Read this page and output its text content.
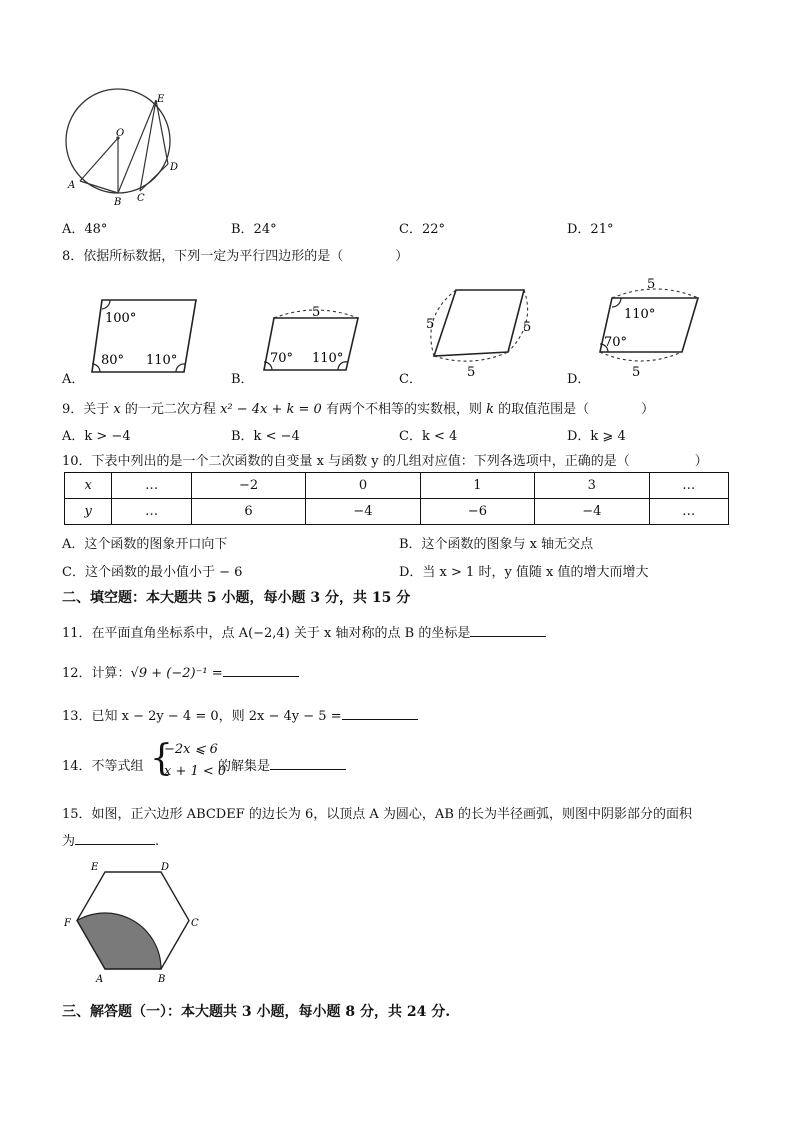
O
E
D
C
B
A
A．48°	B．24°	C．22°	D．21°
8．依据所标数据，下列一定为平行四边形的是（　　　　）
100°
80° 110°
5
70° 110°
5	5
5
5
110°
70°
5
A．	B．	C．	D．
9．关于 x 的一元二次方程 x² − 4x + k = 0 有两个不相等的实数根，则 k 的取值范围是（　　　　）
A．k > −4	B．k < −4	C．k < 4	D．k ⩾ 4
10．下表中列出的是一个二次函数的自变量 x 与函数 y 的几组对应值：下列各选项中，正确的是（　　　　　）
x	…	−2	0	1	3	…
y	…	6	−4	−6	−4	…
A．这个函数的图象开口向下	B．这个函数的图象与 x 轴无交点
C．这个函数的最小值小于 − 6	D．当 x > 1 时，y 值随 x 值的增大而增大
二、填空题：本大题共 5 小题，每小题 3 分，共 15 分
11．在平面直角坐标系中，点 A(−2,4) 关于 x 轴对称的点 B 的坐标是
12．计算：√9 + (−2)⁻¹ =
13．已知 x − 2y − 4 = 0，则 2x − 4y − 5 =
14．不等式组 {
−2x ⩽ 6
x + 1 < 0
的解集是
15．如图，正六边形 ABCDEF 的边长为 6，以顶点 A 为圆心，AB 的长为半径画弧，则图中阴影部分的面积
为	.
E	D
F	C
A	B
三、解答题（一）：本大题共 3 小题，每小题 8 分，共 24 分.
